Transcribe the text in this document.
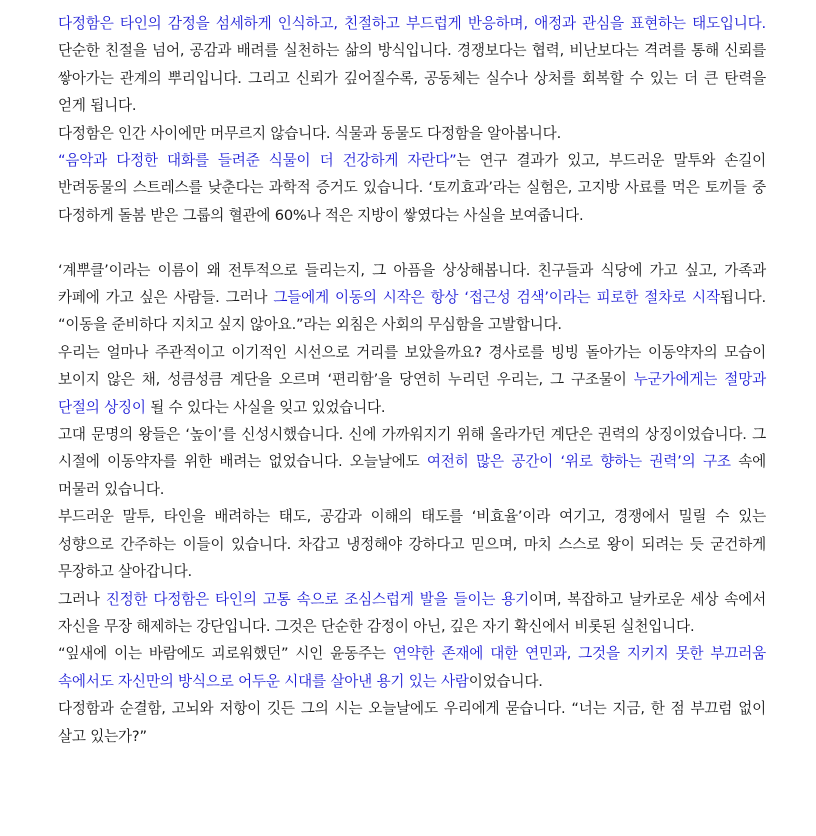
다정함은 타인의 감정을 섬세하게 인식하고, 친절하고 부드럽게 반응하며, 애정과 관심을 표현하는 태도입니다. 단순한 친절을 넘어, 공감과 배려를 실천하는 삶의 방식입니다. 경쟁보다는 협력, 비난보다는 격려를 통해 신뢰를 쌓아가는 관계의 뿌리입니다. 그리고 신뢰가 깊어질수록, 공동체는 실수나 상처를 회복할 수 있는 더 큰 탄력을 얻게 됩니다.

다정함은 인간 사이에만 머무르지 않습니다. 식물과 동물도 다정함을 알아봅니다.

“음악과 다정한 대화를 들려준 식물이 더 건강하게 자란다”는 연구 결과가 있고, 부드러운 말투와 손길이 반려동물의 스트레스를 낮춘다는 과학적 증거도 있습니다. ‘토끼효과’라는 실험은, 고지방 사료를 먹은 토끼들 중 다정하게 돌봄 받은 그룹의 혈관에 60%나 적은 지방이 쌓였다는 사실을 보여줍니다.

‘계뿌클’이라는 이름이 왜 전투적으로 들리는지, 그 아픔을 상상해봅니다. 친구들과 식당에 가고 싶고, 가족과 카페에 가고 싶은 사람들. 그러나 그들에게 이동의 시작은 항상 ‘접근성 검색’이라는 피로한 절차로 시작됩니다. “이동을 준비하다 지치고 싶지 않아요.”라는 외침은 사회의 무심함을 고발합니다.

우리는 얼마나 주관적이고 이기적인 시선으로 거리를 보았을까요? 경사로를 빙빙 돌아가는 이동약자의 모습이 보이지 않은 채, 성큼성큼 계단을 오르며 ‘편리함’을 당연히 누리던 우리는, 그 구조물이 누군가에게는 절망과 단절의 상징이 될 수 있다는 사실을 잊고 있었습니다.

고대 문명의 왕들은 ‘높이’를 신성시했습니다. 신에 가까워지기 위해 올라가던 계단은 권력의 상징이었습니다. 그 시절에 이동약자를 위한 배려는 없었습니다. 오늘날에도 여전히 많은 공간이 ‘위로 향하는 권력’의 구조 속에 머물러 있습니다.

부드러운 말투, 타인을 배려하는 태도, 공감과 이해의 태도를 ‘비효율’이라 여기고, 경쟁에서 밀릴 수 있는 성향으로 간주하는 이들이 있습니다. 차갑고 냉정해야 강하다고 믿으며, 마치 스스로 왕이 되려는 듯 굳건하게 무장하고 살아갑니다.

그러나 진정한 다정함은 타인의 고통 속으로 조심스럽게 발을 들이는 용기이며, 복잡하고 날카로운 세상 속에서 자신을 무장 해제하는 강단입니다. 그것은 단순한 감정이 아닌, 깊은 자기 확신에서 비롯된 실천입니다.

“잎새에 이는 바람에도 괴로워했던” 시인 윤동주는 연약한 존재에 대한 연민과, 그것을 지키지 못한 부끄러움 속에서도 자신만의 방식으로 어두운 시대를 살아낸 용기 있는 사람이었습니다.

다정함과 순결함, 고뇌와 저항이 깃든 그의 시는 오늘날에도 우리에게 묻습니다. “너는 지금, 한 점 부끄럼 없이 살고 있는가?”
